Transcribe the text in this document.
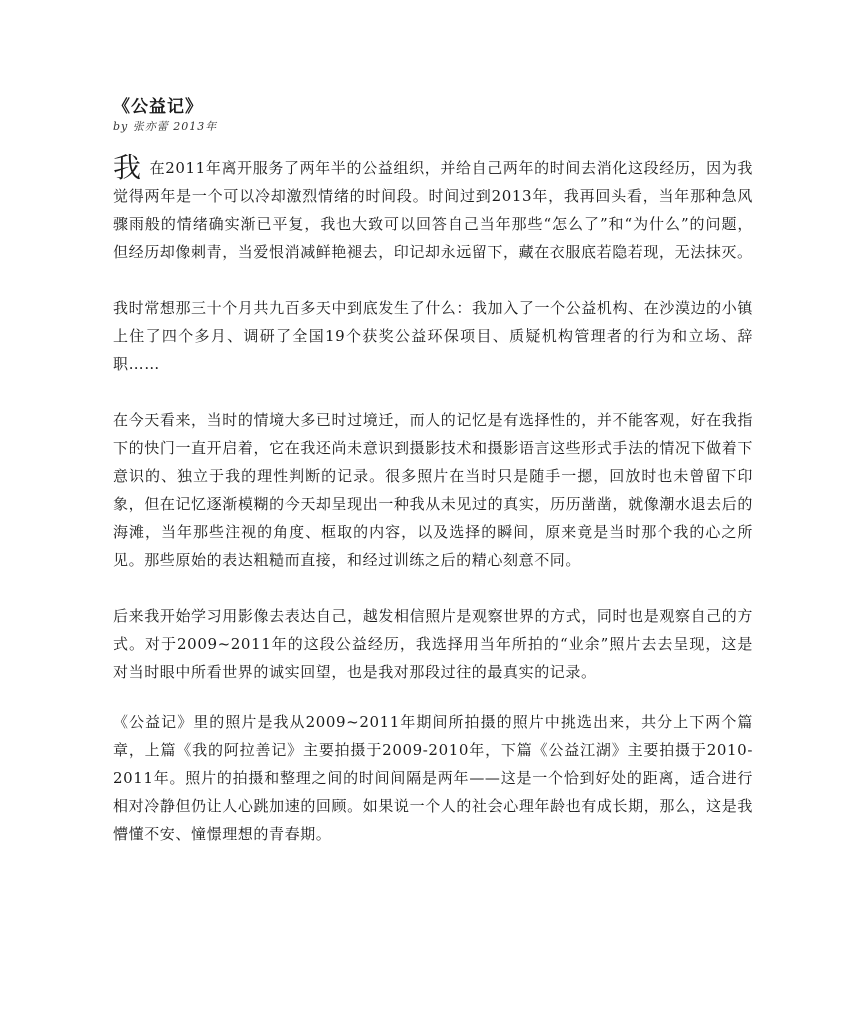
《公益记》
by 张亦蕾 2013年

我 在2011年离开服务了两年半的公益组织，并给自己两年的时间去消化这段经历，因为我觉得两年是一个可以冷却激烈情绪的时间段。时间过到2013年，我再回头看，当年那种急风骤雨般的情绪确实渐已平复，我也大致可以回答自己当年那些“怎么了”和“为什么”的问题，但经历却像刺青，当爱恨消减鲜艳褪去，印记却永远留下，藏在衣服底若隐若现，无法抹灭。

我时常想那三十个月共九百多天中到底发生了什么：我加入了一个公益机构、在沙漠边的小镇上住了四个多月、调研了全国19个获奖公益环保项目、质疑机构管理者的行为和立场、辞职……

在今天看来，当时的情境大多已时过境迁，而人的记忆是有选择性的，并不能客观，好在我指下的快门一直开启着，它在我还尚未意识到摄影技术和摄影语言这些形式手法的情况下做着下意识的、独立于我的理性判断的记录。很多照片在当时只是随手一摁，回放时也未曾留下印象，但在记忆逐渐模糊的今天却呈现出一种我从未见过的真实，历历凿凿，就像潮水退去后的海滩，当年那些注视的角度、框取的内容，以及选择的瞬间，原来竟是当时那个我的心之所见。那些原始的表达粗糙而直接，和经过训练之后的精心刻意不同。

后来我开始学习用影像去表达自己，越发相信照片是观察世界的方式，同时也是观察自己的方式。对于2009~2011年的这段公益经历，我选择用当年所拍的“业余”照片去去呈现，这是对当时眼中所看世界的诚实回望，也是我对那段过往的最真实的记录。

《公益记》里的照片是我从2009~2011年期间所拍摄的照片中挑选出来，共分上下两个篇章，上篇《我的阿拉善记》主要拍摄于2009-2010年，下篇《公益江湖》主要拍摄于2010-2011年。照片的拍摄和整理之间的时间间隔是两年——这是一个恰到好处的距离，适合进行相对冷静但仍让人心跳加速的回顾。如果说一个人的社会心理年龄也有成长期，那么，这是我懵懂不安、憧憬理想的青春期。
